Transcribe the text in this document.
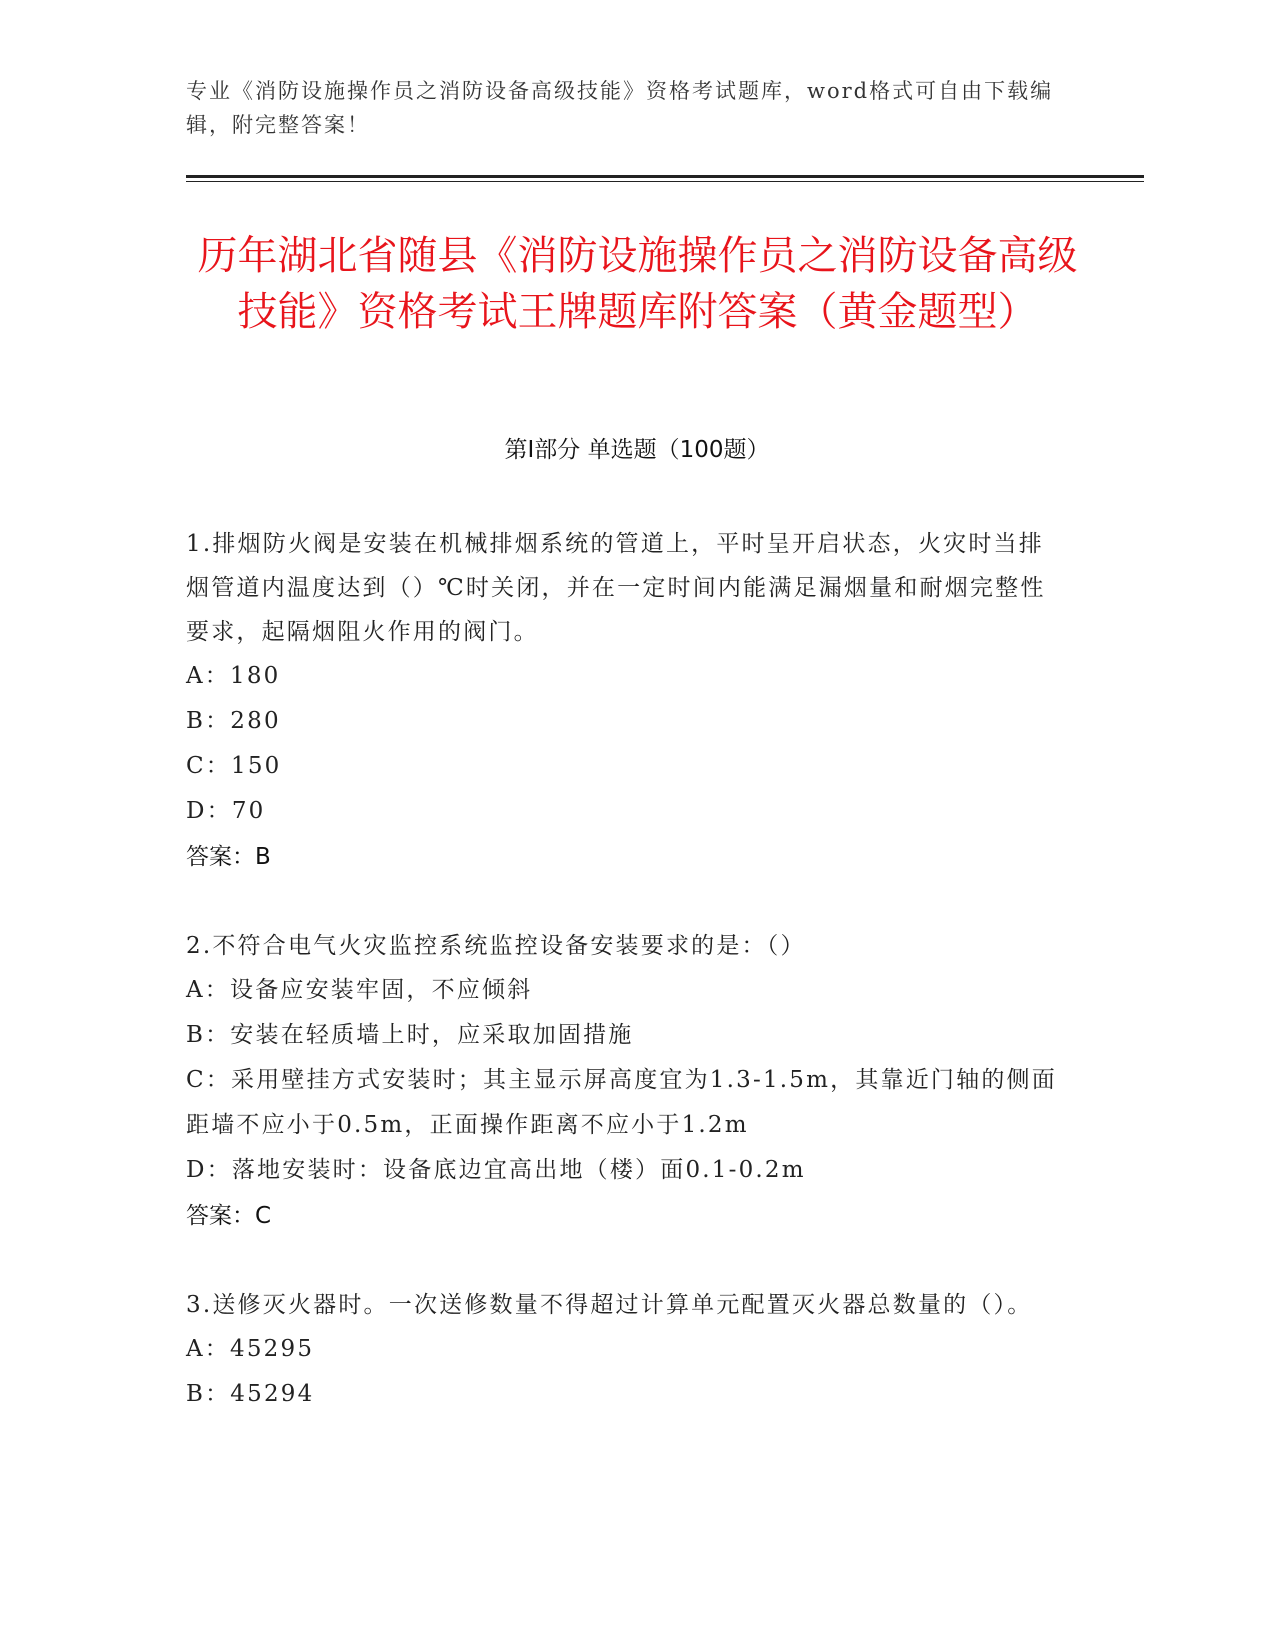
专业《消防设施操作员之消防设备高级技能》资格考试题库，word格式可自由下载编辑，附完整答案！
历年湖北省随县《消防设施操作员之消防设备高级技能》资格考试王牌题库附答案（黄金题型）
第Ⅰ部分 单选题（100题）
1.排烟防火阀是安装在机械排烟系统的管道上，平时呈开启状态，火灾时当排烟管道内温度达到（）℃时关闭，并在一定时间内能满足漏烟量和耐烟完整性要求，起隔烟阻火作用的阀门。
A：180
B：280
C：150
D：70
答案：B
2.不符合电气火灾监控系统监控设备安装要求的是：（）
A：设备应安装牢固，不应倾斜
B：安装在轻质墙上时，应采取加固措施
C：采用壁挂方式安装时；其主显示屏高度宜为1.3-1.5m，其靠近门轴的侧面距墙不应小于0.5m，正面操作距离不应小于1.2m
D：落地安装时：设备底边宜高出地（楼）面0.1-0.2m
答案：C
3.送修灭火器时。一次送修数量不得超过计算单元配置灭火器总数量的（）。
A：45295
B：45294
